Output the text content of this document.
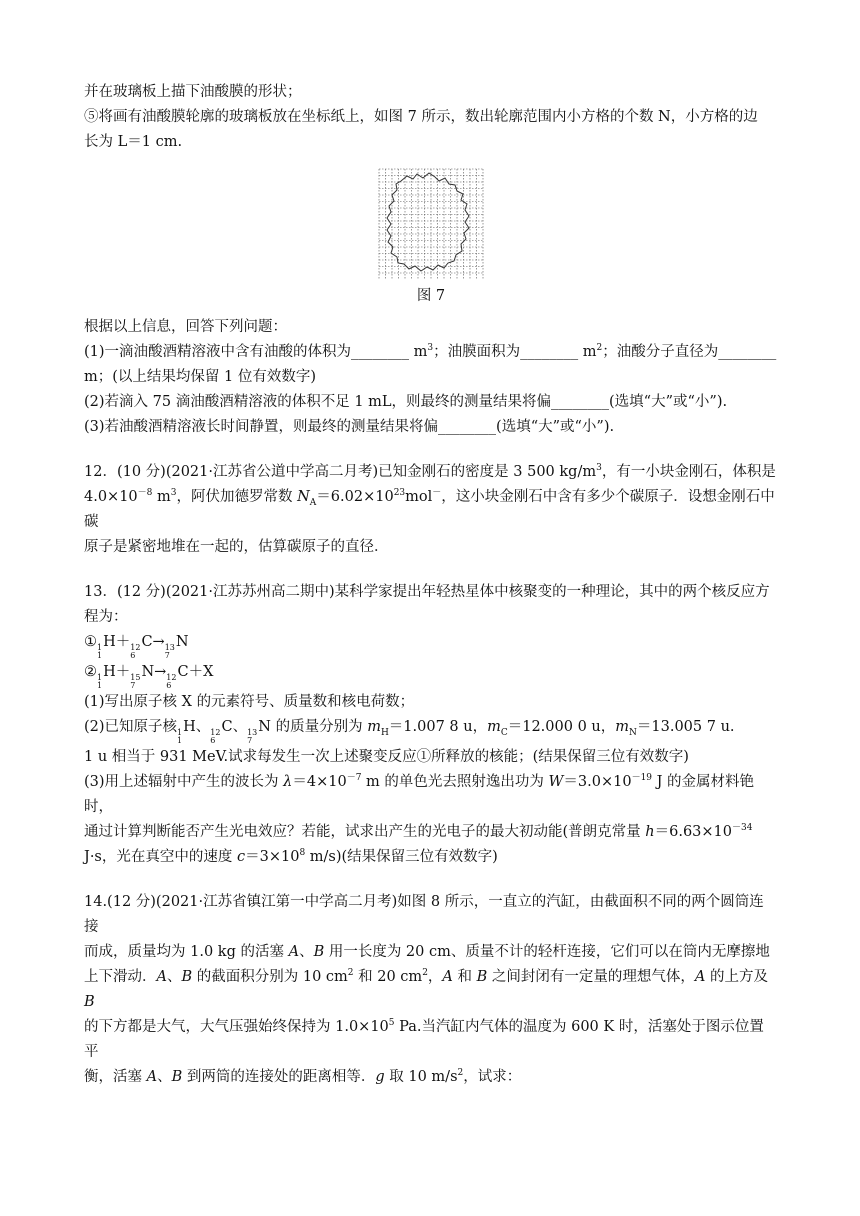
并在玻璃板上描下油酸膜的形状；

⑤将画有油酸膜轮廓的玻璃板放在坐标纸上，如图 7 所示，数出轮廓范围内小方格的个数 N，小方格的边

长为 L＝1 cm.

图 7

根据以上信息，回答下列问题：

(1)一滴油酸酒精溶液中含有油酸的体积为________ $m^3$；油膜面积为________ $m^2$；油酸分子直径为________

m；(以上结果均保留 1 位有效数字)

(2)若滴入 75 滴油酸酒精溶液的体积不足 1 mL，则最终的测量结果将偏________(选填“大”或“小”).

(3)若油酸酒精溶液长时间静置，则最终的测量结果将偏________(选填“大”或“小”).

12．(10 分)(2021·江苏省公道中学高二月考)已知金刚石的密度是 3 500 $kg/m^3$，有一小块金刚石，体积是

$4.0\times 10^{-8}$ $m^3$，阿伏加德罗常数 $N_A=6.02\times 10^{23}mol^-$，这小块金刚石中含有多少个碳原子．设想金刚石中碳

原子是紧密地堆在一起的，估算碳原子的直径．

13．(12 分)(2021·江苏苏州高二期中)某科学家提出年轻热星体中核聚变的一种理论，其中的两个核反应方

程为：

① 1
1
H＋ 12
6
C→ 13
7
N

② 1
1
H＋ 15
7
N→ 12
6
C＋X

(1)写出原子核 X 的元素符号、质量数和核电荷数；

(2)已知原子核 1
1
H、 12
6
C、 13
7
N 的质量分别为 $m_H=1.007$ 8 u，$m_C=12.000$ 0 u，$m_N=13.005$ 7 u.

1 u 相当于 931 MeV.试求每发生一次上述聚变反应①所释放的核能；(结果保留三位有效数字)

(3)用上述辐射中产生的波长为 $\lambda=4\times 10^{-7}$ m 的单色光去照射逸出功为 $W=3.0\times 10^{-19}$ J 的金属材料铯时，

通过计算判断能否产生光电效应？若能，试求出产生的光电子的最大初动能(普朗克常量 $h=6.63\times 10^{-34}$

J·s，光在真空中的速度 $c=3\times 10^8$ m/s)(结果保留三位有效数字)

14.(12 分)(2021·江苏省镇江第一中学高二月考)如图 8 所示，一直立的汽缸，由截面积不同的两个圆筒连接

而成，质量均为 1.0 kg 的活塞 A、B 用一长度为 20 cm、质量不计的轻杆连接，它们可以在筒内无摩擦地

上下滑动．A、B 的截面积分别为 10 $cm^2$ 和 20 $cm^2$，A 和 B 之间封闭有一定量的理想气体，A 的上方及 B

的下方都是大气，大气压强始终保持为 $1.0\times 10^5$ Pa.当汽缸内气体的温度为 600 K 时，活塞处于图示位置平

衡，活塞 A、B 到两筒的连接处的距离相等．g 取 10 $m/s^2$，试求：
